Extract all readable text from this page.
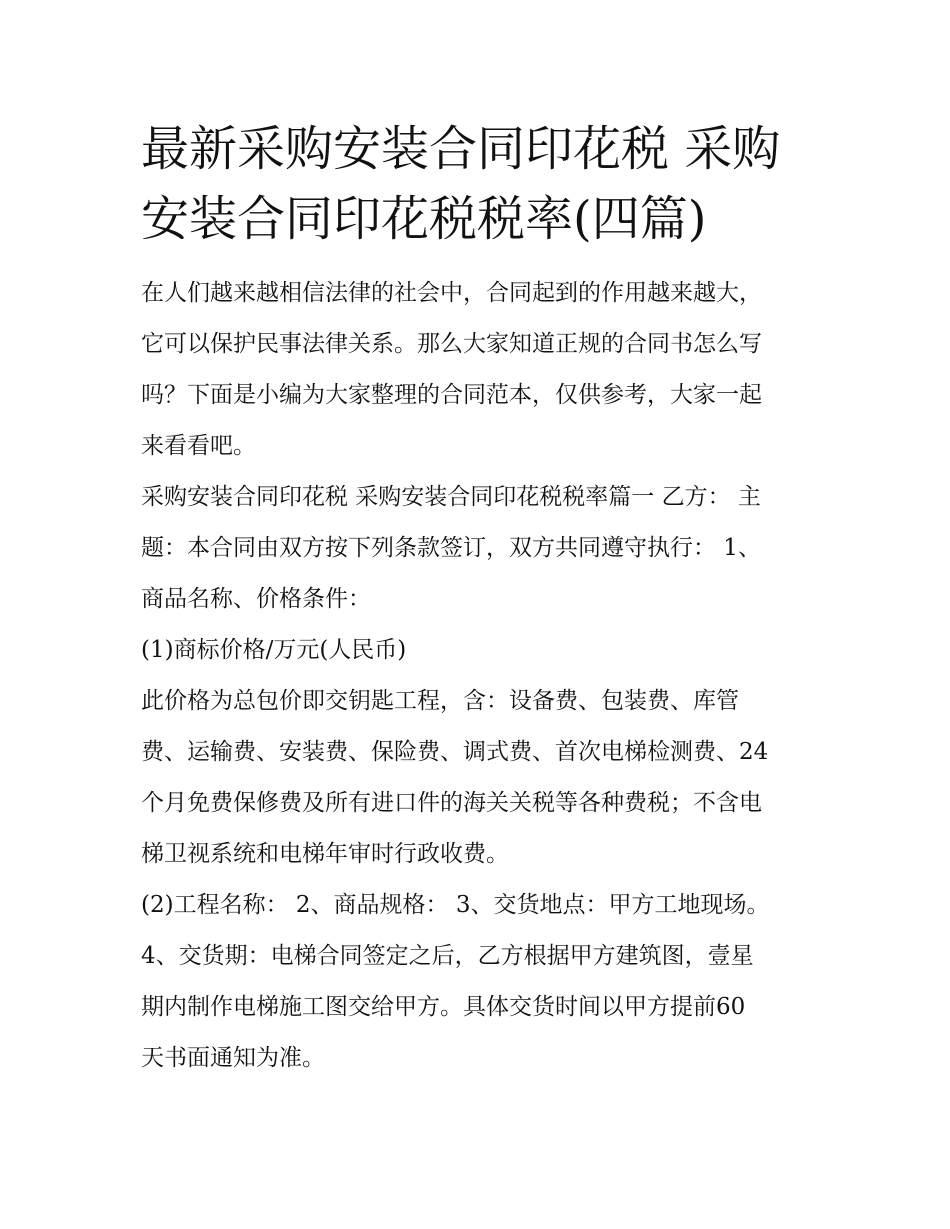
最新采购安装合同印花税 采购
安装合同印花税税率(四篇)
在人们越来越相信法律的社会中，合同起到的作用越来越大，
它可以保护民事法律关系。那么大家知道正规的合同书怎么写
吗？下面是小编为大家整理的合同范本，仅供参考，大家一起
来看看吧。
采购安装合同印花税 采购安装合同印花税税率篇一 乙方： 主
题：本合同由双方按下列条款签订，双方共同遵守执行： 1、
商品名称、价格条件：
(1)商标价格/万元(人民币)
此价格为总包价即交钥匙工程，含：设备费、包装费、库管
费、运输费、安装费、保险费、调式费、首次电梯检测费、24
个月免费保修费及所有进口件的海关关税等各种费税；不含电
梯卫视系统和电梯年审时行政收费。
(2)工程名称： 2、商品规格： 3、交货地点：甲方工地现场。
4、交货期：电梯合同签定之后，乙方根据甲方建筑图，壹星
期内制作电梯施工图交给甲方。具体交货时间以甲方提前60
天书面通知为准。
